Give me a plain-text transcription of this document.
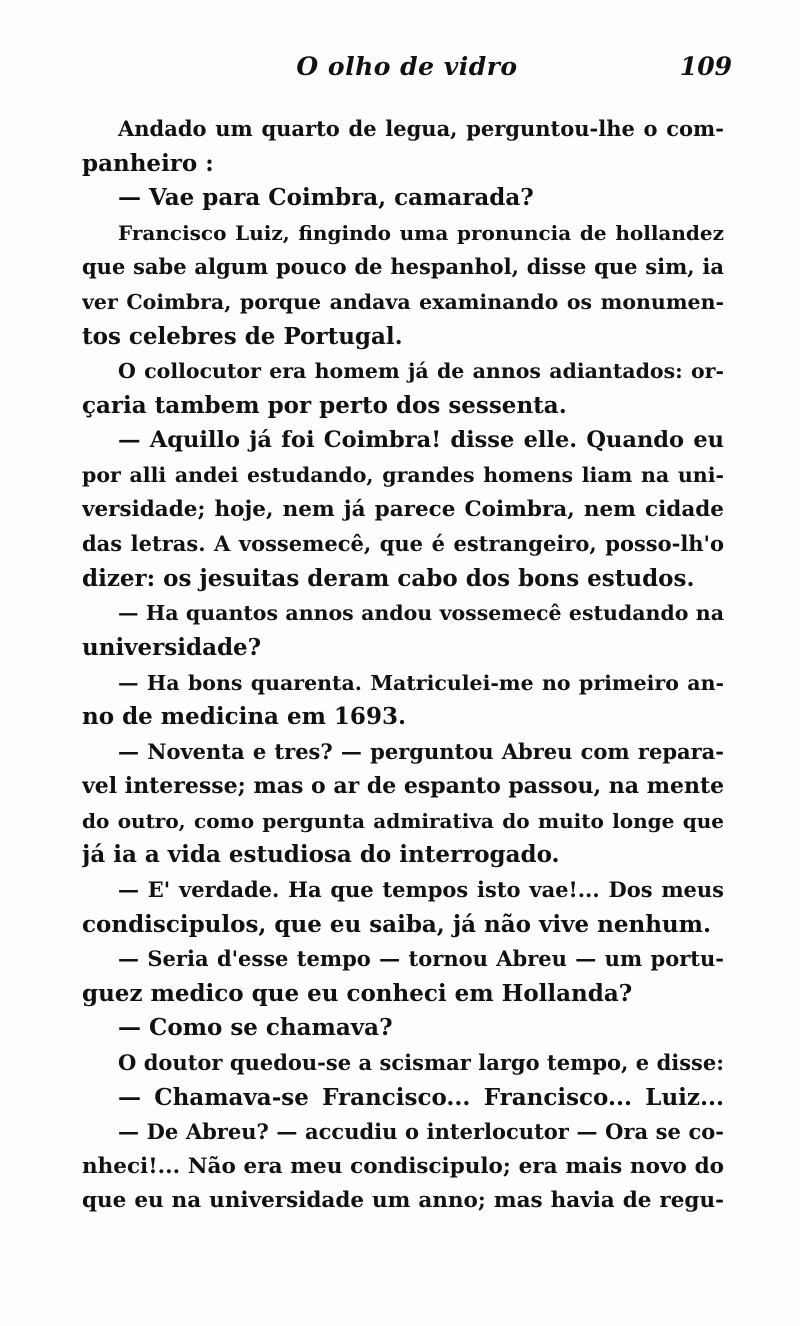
O olho de vidro	109
Andado um quarto de legua, perguntou-lhe o com-
panheiro :
— Vae para Coimbra, camarada?
Francisco Luiz, fingindo uma pronuncia de hollandez
que sabe algum pouco de hespanhol, disse que sim, ia
ver Coimbra, porque andava examinando os monumen-
tos celebres de Portugal.
O collocutor era homem já de annos adiantados: or-
çaria tambem por perto dos sessenta.
— Aquillo já foi Coimbra! disse elle. Quando eu
por alli andei estudando, grandes homens liam na uni-
versidade; hoje, nem já parece Coimbra, nem cidade
das letras. A vossemecê, que é estrangeiro, posso-lh'o
dizer: os jesuitas deram cabo dos bons estudos.
— Ha quantos annos andou vossemecê estudando na
universidade?
— Ha bons quarenta. Matriculei-me no primeiro an-
no de medicina em 1693.
— Noventa e tres? — perguntou Abreu com repara-
vel interesse; mas o ar de espanto passou, na mente
do outro, como pergunta admirativa do muito longe que
já ia a vida estudiosa do interrogado.
— E' verdade. Ha que tempos isto vae!... Dos meus
condiscipulos, que eu saiba, já não vive nenhum.
— Seria d'esse tempo — tornou Abreu — um portu-
guez medico que eu conheci em Hollanda?
— Como se chamava?
O doutor quedou-se a scismar largo tempo, e disse:
— Chamava-se Francisco... Francisco... Luiz...
— De Abreu? — accudiu o interlocutor — Ora se co-
nheci!... Não era meu condiscipulo; era mais novo do
que eu na universidade um anno; mas havia de regu-
